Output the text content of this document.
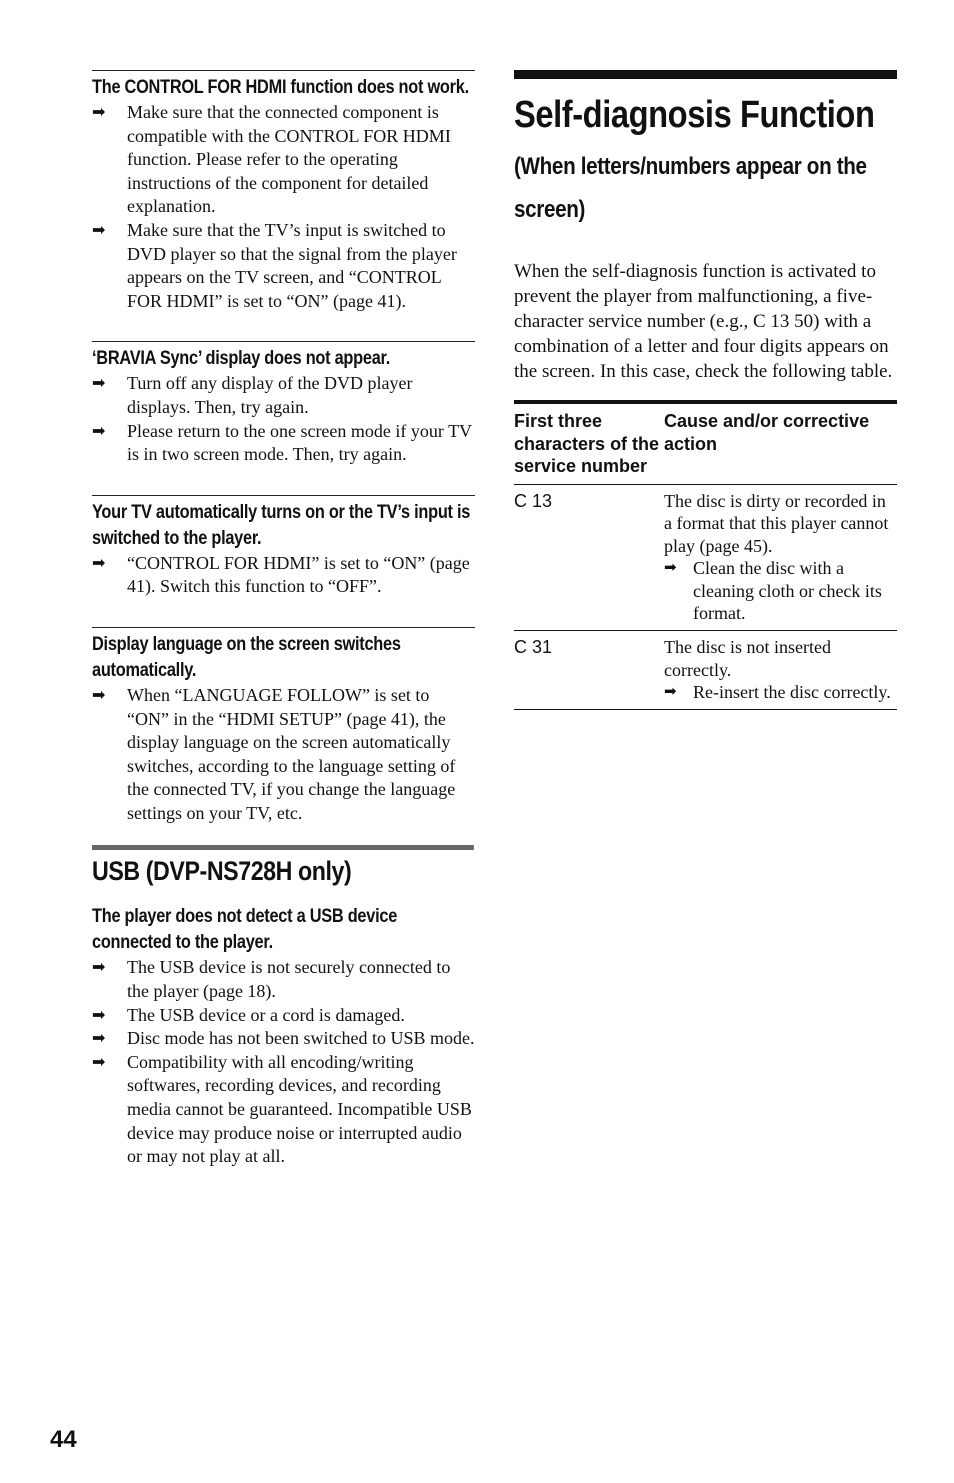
The CONTROL FOR HDMI function does not work.
➡	Make sure that the connected component is compatible with the CONTROL FOR HDMI function. Please refer to the operating instructions of the component for detailed explanation.
➡	Make sure that the TV’s input is switched to DVD player so that the signal from the player appears on the TV screen, and “CONTROL FOR HDMI” is set to “ON” (page 41).
‘BRAVIA Sync’ display does not appear.
➡	Turn off any display of the DVD player displays. Then, try again.
➡	Please return to the one screen mode if your TV is in two screen mode. Then, try again.
Your TV automatically turns on or the TV’s input is switched to the player.
➡	“CONTROL FOR HDMI” is set to “ON” (page 41). Switch this function to “OFF”.
Display language on the screen switches automatically.
➡	When “LANGUAGE FOLLOW” is set to “ON” in the “HDMI SETUP” (page 41), the display language on the screen automatically switches, according to the language setting of the connected TV, if you change the language settings on your TV, etc.
USB (DVP-NS728H only)
The player does not detect a USB device connected to the player.
➡	The USB device is not securely connected to the player (page 18).
➡	The USB device or a cord is damaged.
➡	Disc mode has not been switched to USB mode.
➡	Compatibility with all encoding/writing softwares, recording devices, and recording media cannot be guaranteed. Incompatible USB device may produce noise or interrupted audio or may not play at all.
Self-diagnosis Function
(When letters/numbers appear on the screen)
When the self-diagnosis function is activated to prevent the player from malfunctioning, a five-character service number (e.g., C 13 50) with a combination of a letter and four digits appears on the screen. In this case, check the following table.
First three characters of the service number	Cause and/or corrective action
C 13	The disc is dirty or recorded in a format that this player cannot play (page 45).
➡ Clean the disc with a cleaning cloth or check its format.

C 31	The disc is not inserted correctly.
➡ Re-insert the disc correctly.
44
